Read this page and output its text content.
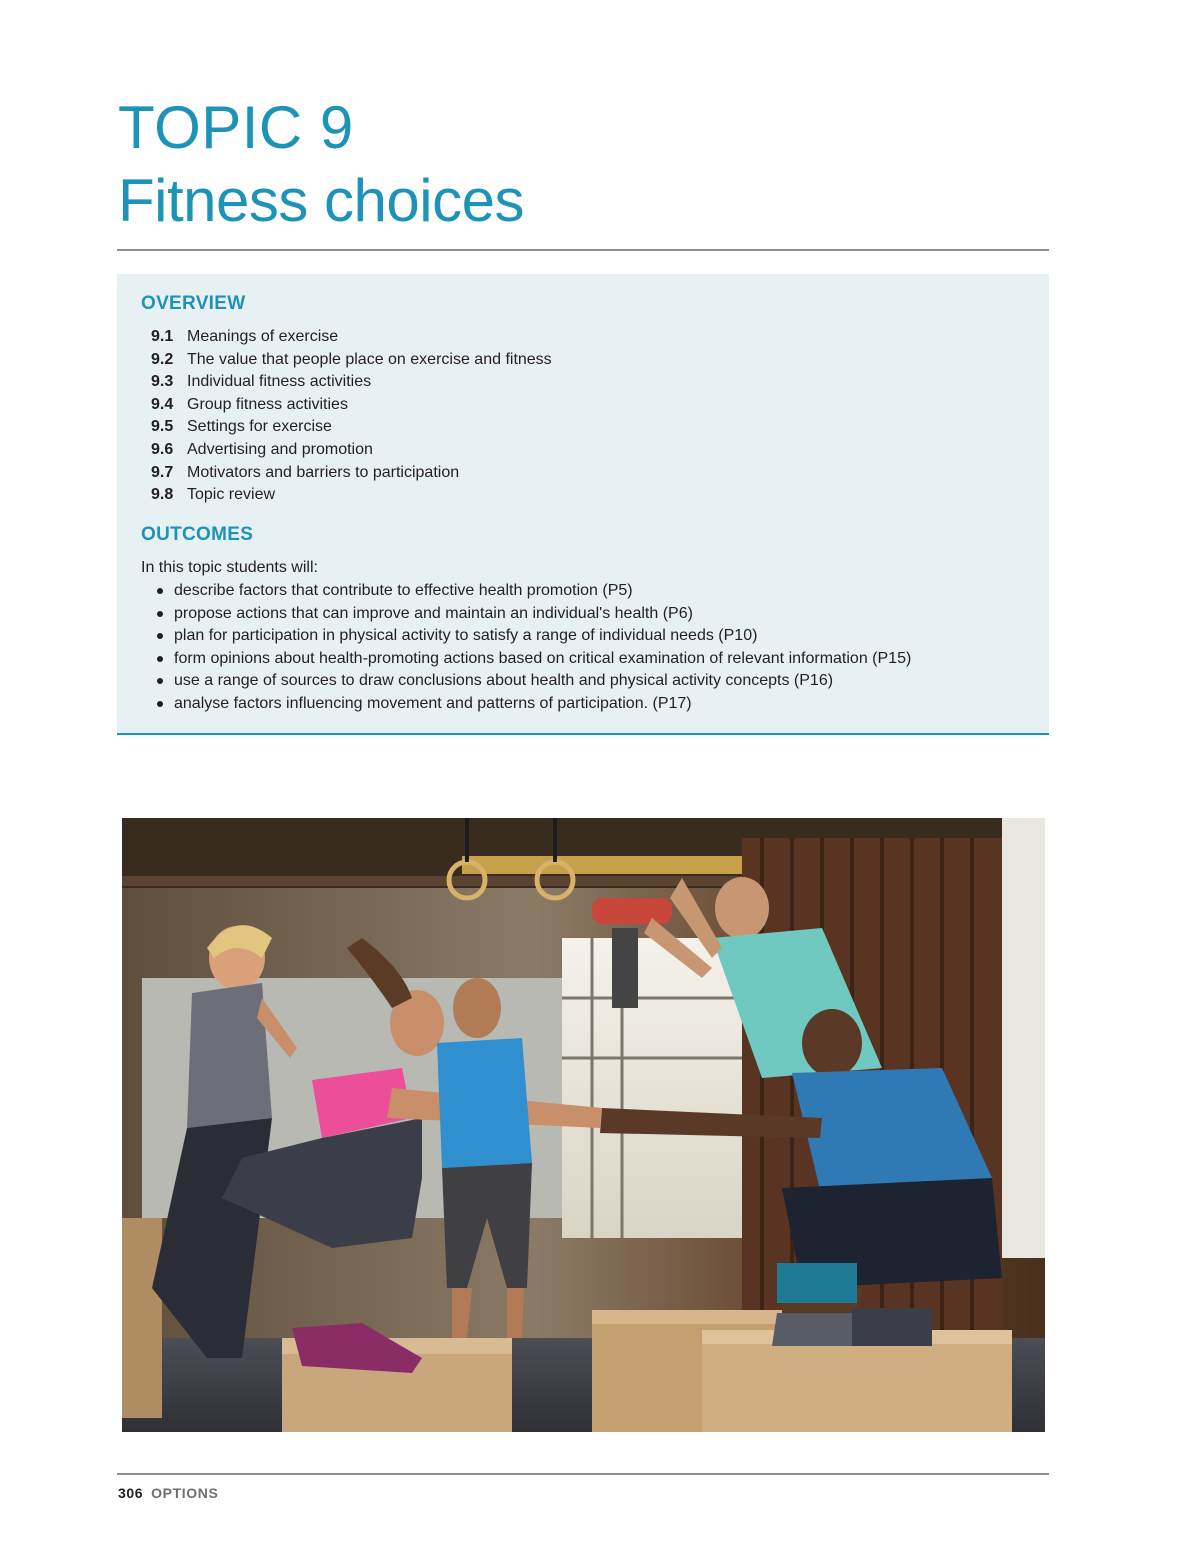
TOPIC 9
Fitness choices
OVERVIEW
9.1 Meanings of exercise
9.2 The value that people place on exercise and fitness
9.3 Individual fitness activities
9.4 Group fitness activities
9.5 Settings for exercise
9.6 Advertising and promotion
9.7 Motivators and barriers to participation
9.8 Topic review
OUTCOMES

In this topic students will:

describe factors that contribute to effective health promotion (P5)
propose actions that can improve and maintain an individual's health (P6)
plan for participation in physical activity to satisfy a range of individual needs (P10)
form opinions about health-promoting actions based on critical examination of relevant information (P15)
use a range of sources to draw conclusions about health and physical activity concepts (P16)
analyse factors influencing movement and patterns of participation. (P17)
306 OPTIONS
